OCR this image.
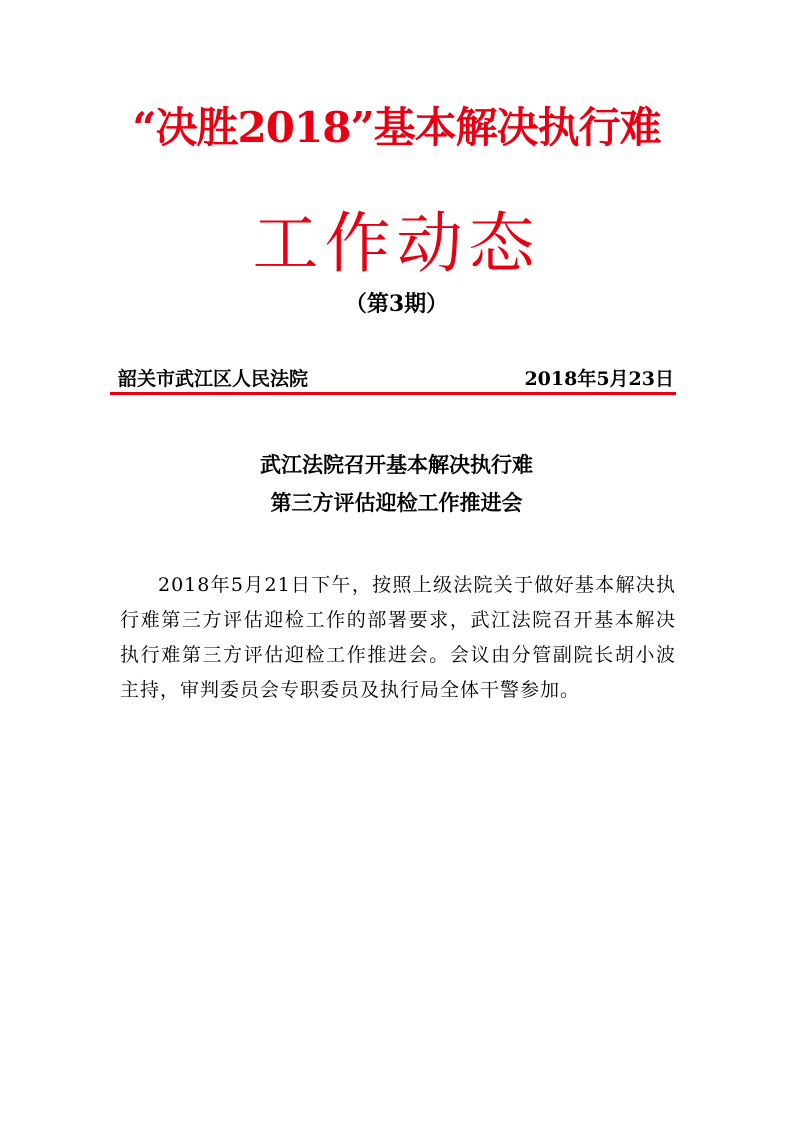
“决胜2018”基本解决执行难
工作动态
（第3期）
韶关市武江区人民法院	2018年5月23日
武江法院召开基本解决执行难
第三方评估迎检工作推进会
2018年5月21日下午，按照上级法院关于做好基本解决执行难第三方评估迎检工作的部署要求，武江法院召开基本解决执行难第三方评估迎检工作推进会。会议由分管副院长胡小波主持，审判委员会专职委员及执行局全体干警参加。
